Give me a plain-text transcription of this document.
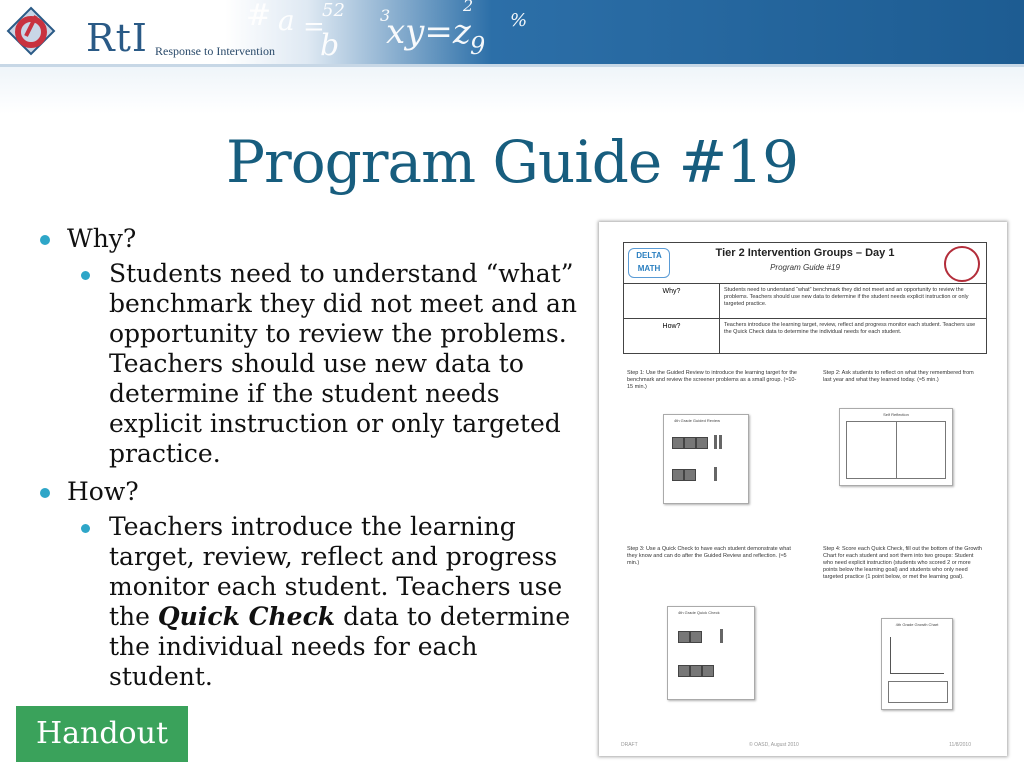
RtI Response to Intervention
# a =
52
b
3
xy=z
2
9
%
Program Guide #19
Why?
Students need to understand “what” benchmark they did not meet and an opportunity to review the problems. Teachers should use new data to determine if the student needs explicit instruction or only targeted practice.
How?
Teachers introduce the learning target, review, reflect and progress monitor each student. Teachers use the Quick Check data to determine the individual needs for each student.
Handout
DELTA MATH
Tier 2 Intervention Groups – Day 1
Program Guide #19
Why?	Students need to understand “what” benchmark they did not meet and an opportunity to review the problems. Teachers should use new data to determine if the student needs explicit instruction or only targeted practice.
How?	Teachers introduce the learning target, review, reflect and progress monitor each student. Teachers use the Quick Check data to determine the individual needs for each student.
Step 1: Use the Guided Review to introduce the learning target for the benchmark and review the screener problems as a small group. (≈10-15 min.)
Step 2: Ask students to reflect on what they remembered from last year and what they learned today. (≈5 min.)
Step 3: Use a Quick Check to have each student demonstrate what they know and can do after the Guided Review and reflection. (≈5 min.)
Step 4: Score each Quick Check, fill out the bottom of the Growth Chart for each student and sort them into two groups: Student who need explicit instruction (students who scored 2 or more points below the learning goal) and students who only need targeted practice (1 point below, or met the learning goal).
4th Grade Guided Review
Self Reflection
4th Grade Quick Check
4th Grade Growth Chart
DRAFT	© OASD, August 2010	11/8/2010
